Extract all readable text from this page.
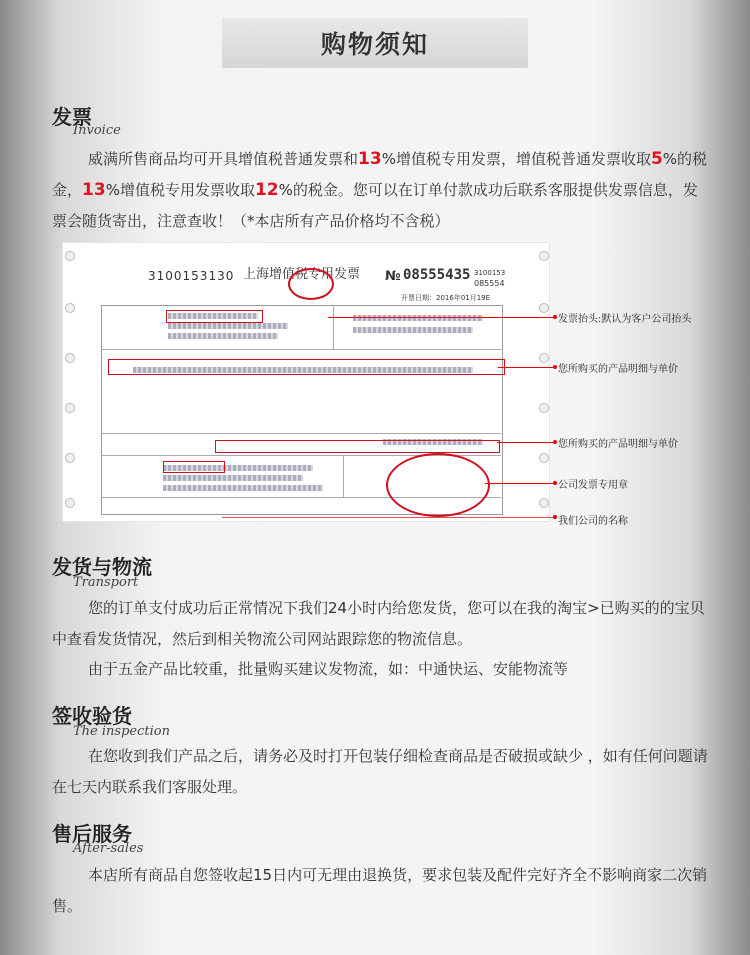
购物须知
发票
Invoice
威满所售商品均可开具增值税普通发票和13%增值税专用发票，增值税普通发票收取5%的税金，13%增值税专用发票收取12%的税金。您可以在订单付款成功后联系客服提供发票信息，发票会随货寄出，注意查收！（*本店所有产品价格均不含税）
3100153130 上海增值税专用发票 № 08555435 3100153
085554
开票日期：2016年01月19E
发票抬头:默认为客户公司抬头
您所购买的产品明细与单价
您所购买的产品明细与单价
公司发票专用章
我们公司的名称
发货与物流
Transport
您的订单支付成功后正常情况下我们24小时内给您发货，您可以在我的淘宝>已购买的的宝贝中查看发货情况，然后到相关物流公司网站跟踪您的物流信息。
由于五金产品比较重，批量购买建议发物流，如：中通快运、安能物流等
签收验货
The inspection
在您收到我们产品之后，请务必及时打开包装仔细检查商品是否破损或缺少 ，如有任何问题请在七天内联系我们客服处理。
售后服务
After-sales
本店所有商品自您签收起15日内可无理由退换货，要求包装及配件完好齐全不影响商家二次销售。
